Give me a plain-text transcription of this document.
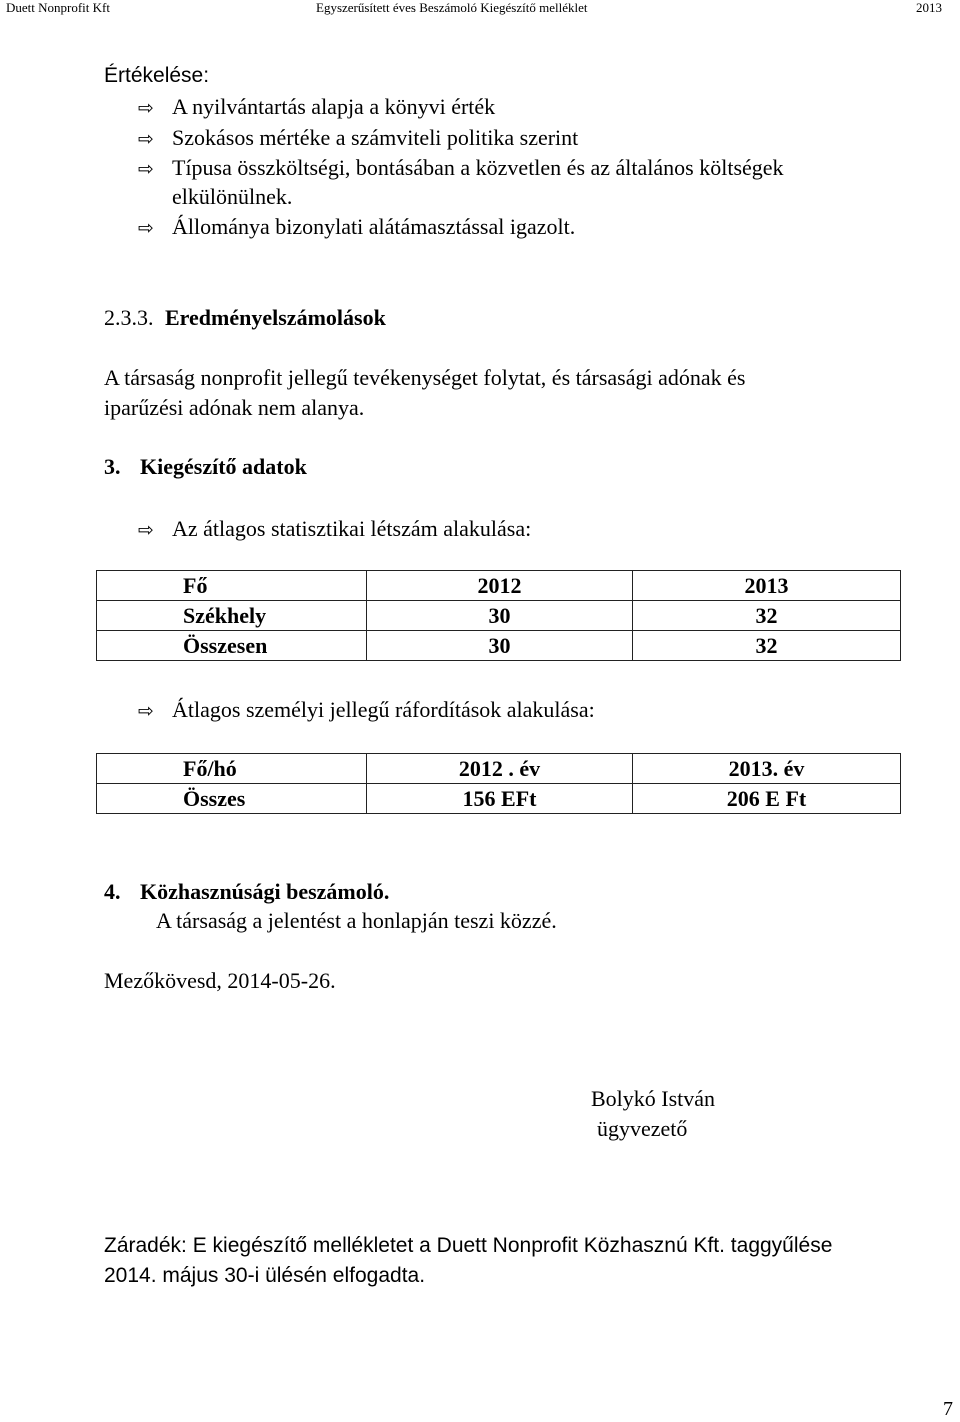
Duett Nonprofit Kft	Egyszerűsített éves Beszámoló Kiegészítő melléklet	2013
Értékelése:
⇨ A nyilvántartás alapja a könyvi érték
⇨ Szokásos mértéke a számviteli politika szerint
⇨ Típusa összköltségi, bontásában a közvetlen és az általános költségek
elkülönülnek.
⇨ Állománya bizonylati alátámasztással igazolt.
2.3.3. Eredményelszámolások
A társaság nonprofit jellegű tevékenységet folytat, és társasági adónak és
iparűzési adónak nem alanya.
3. Kiegészítő adatok
⇨ Az átlagos statisztikai létszám alakulása:
Fő	2012	2013
Székhely	30	32
Összesen	30	32
⇨ Átlagos személyi jellegű ráfordítások alakulása:
Fő/hó	2012 . év	2013. év
Összes	156 EFt	206 E Ft
4. Közhasznúsági beszámoló.
A társaság a jelentést a honlapján teszi közzé.
Mezőkövesd, 2014-05-26.
Bolykó István
ügyvezető
Záradék: E kiegészítő mellékletet a Duett Nonprofit Közhasznú Kft. taggyűlése
2014. május 30-i ülésén elfogadta.
7
